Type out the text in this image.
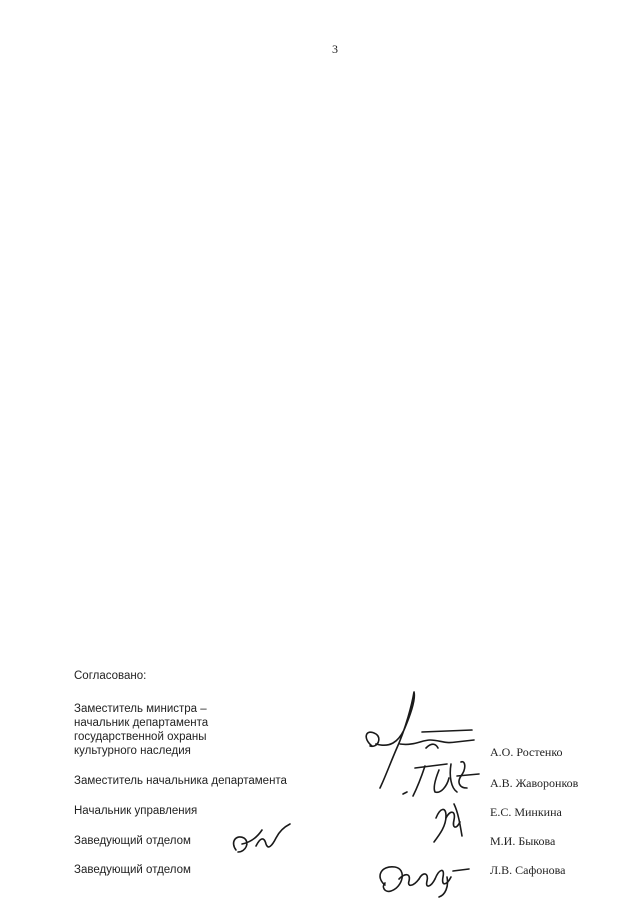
3
Согласовано:
Заместитель министра –
начальник департамента
государственной охраны
культурного наследия	А.О. Ростенко
Заместитель начальника департамента	А.В. Жаворонков
Начальник управления	Е.С. Минкина
Заведующий отделом	М.И. Быкова
Заведующий отделом	Л.В. Сафонова
